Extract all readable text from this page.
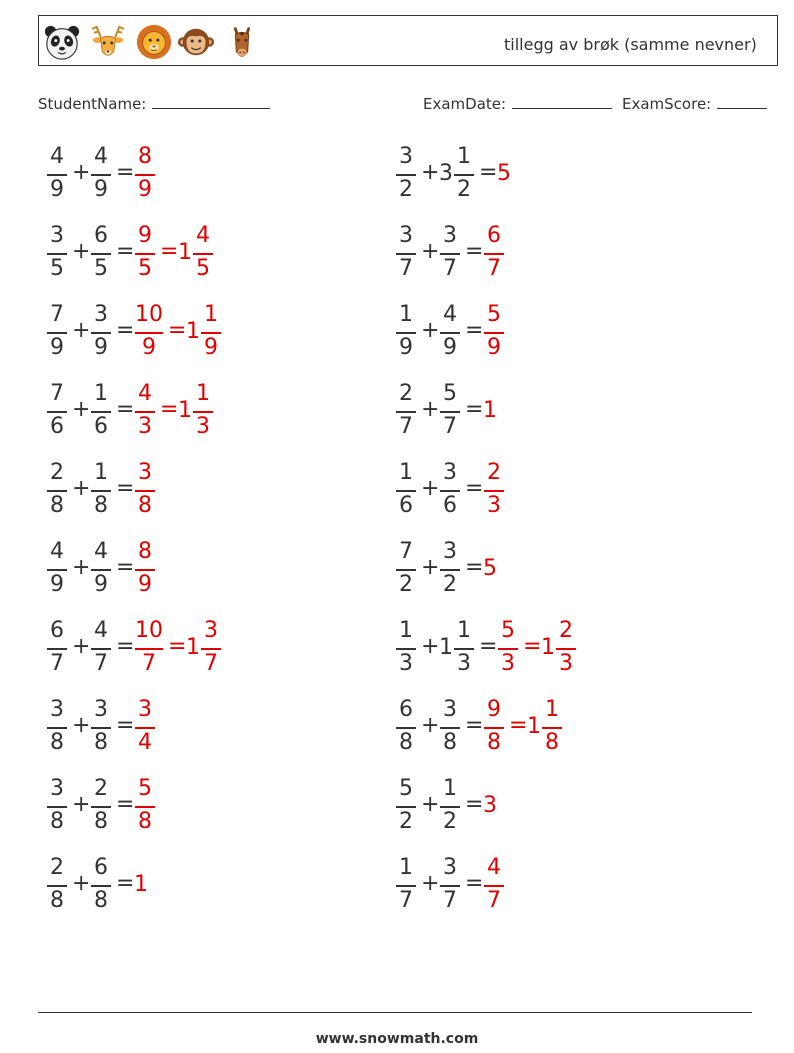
tillegg av brøk (samme nevner)
StudentName:	ExamDate:	ExamScore:
4
9
+
4
9
=
8
9
3
2
+ 3
1
2
= 5
3
5
+
6
5
=
9
5
= 1
4
5
3
7
+
3
7
=
6
7
7
9
+
3
9
=
10
9
= 1
1
9
1
9
+
4
9
=
5
9
7
6
+
1
6
=
4
3
= 1
1
3
2
7
+
5
7
= 1
2
8
+
1
8
=
3
8
1
6
+
3
6
=
2
3
4
9
+
4
9
=
8
9
7
2
+
3
2
= 5
6
7
+
4
7
=
10
7
= 1
3
7
1
3
+ 1
1
3
=
5
3
= 1
2
3
3
8
+
3
8
=
3
4
6
8
+
3
8
=
9
8
= 1
1
8
3
8
+
2
8
=
5
8
5
2
+
1
2
= 3
2
8
+
6
8
= 1
1
7
+
3
7
=
4
7
www.snowmath.com
